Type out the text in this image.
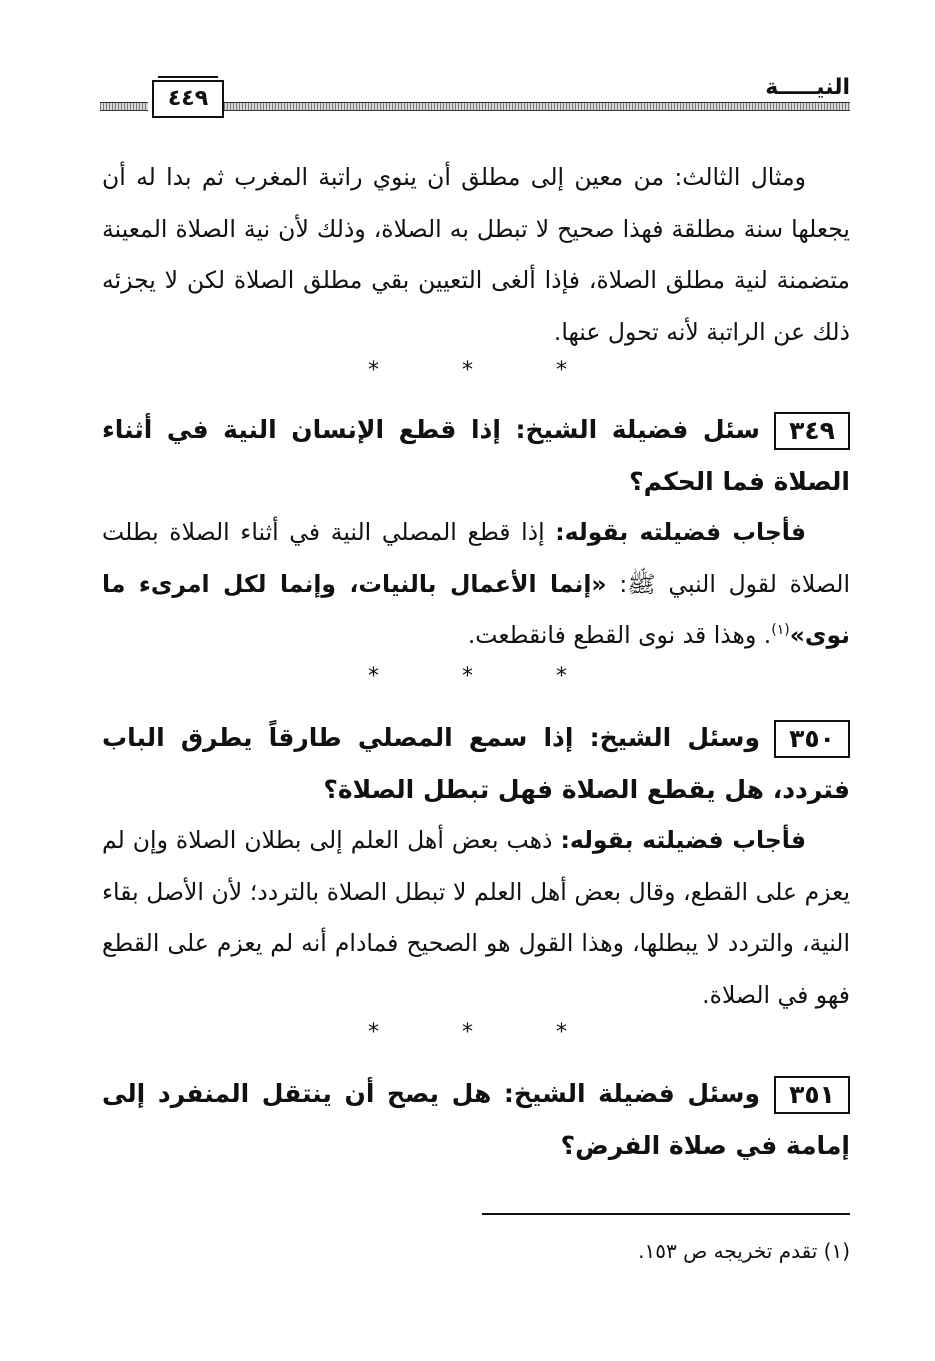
٤٤٩	النيـــــة

ومثال الثالث: من معين إلى مطلق أن ينوي راتبة المغرب ثم بدا له أن يجعلها سنة مطلقة فهذا صحيح لا تبطل به الصلاة، وذلك لأن نية الصلاة المعينة متضمنة لنية مطلق الصلاة، فإذا ألغى التعيين بقي مطلق الصلاة لكن لا يجزئه ذلك عن الراتبة لأنه تحول عنها.

* * *

٣٤٩سئل فضيلة الشيخ: إذا قطع الإنسان النية في أثناء الصلاة فما الحكم؟

فأجاب فضيلته بقوله: إذا قطع المصلي النية في أثناء الصلاة بطلت الصلاة لقول النبي ﷺ: «إنما الأعمال بالنيات، وإنما لكل امرىء ما نوى»$^{(١)}$. وهذا قد نوى القطع فانقطعت.

* * *

٣٥٠وسئل الشيخ: إذا سمع المصلي طارقاً يطرق الباب فتردد، هل يقطع الصلاة فهل تبطل الصلاة؟

فأجاب فضيلته بقوله: ذهب بعض أهل العلم إلى بطلان الصلاة وإن لم يعزم على القطع، وقال بعض أهل العلم لا تبطل الصلاة بالتردد؛ لأن الأصل بقاء النية، والتردد لا يبطلها، وهذا القول هو الصحيح فمادام أنه لم يعزم على القطع فهو في الصلاة.

* * *

٣٥١وسئل فضيلة الشيخ: هل يصح أن ينتقل المنفرد إلى إمامة في صلاة الفرض؟

(١) تقدم تخريجه ص ١٥٣.
